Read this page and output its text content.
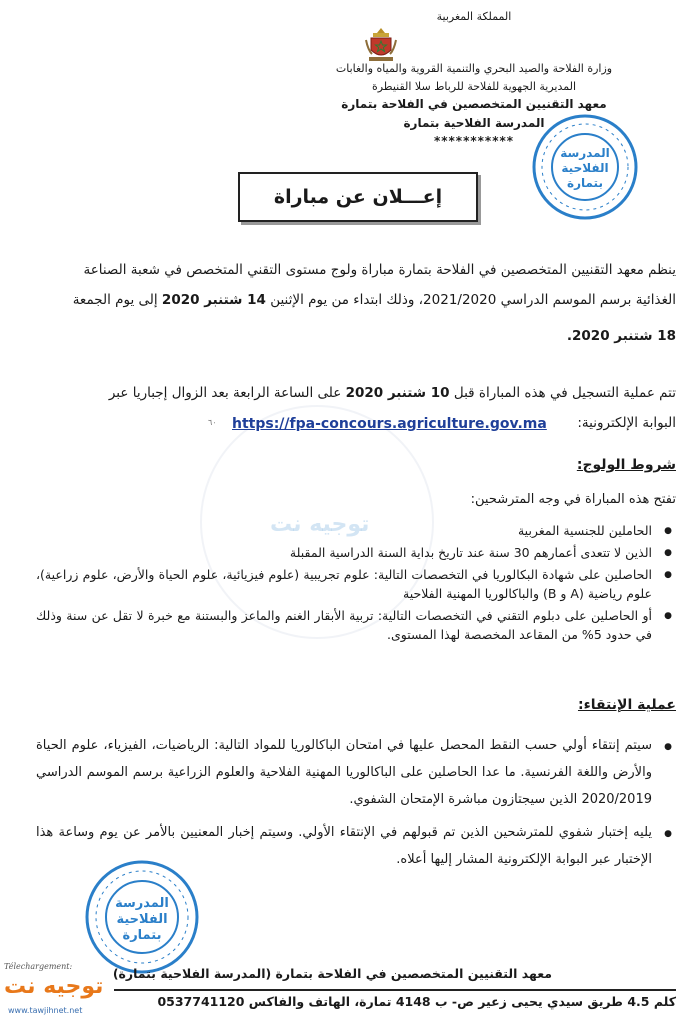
المملكة المغربية
وزارة الفلاحة والصيد البحري والتنمية القروية والمياه والغابات
المديرية الجهوية للفلاحة للرباط سلا القنيطرة
معهد التقنيين المتخصصين في الفلاحة بتمارة
المدرسة الفلاحية بتمارة
***********
المدرسة
الفلاحية
بتمارة
إعـــلان عن مباراة
توجيه نت
ينظم معهد التقنيين المتخصصين في الفلاحة بتمارة مباراة ولوج مستوى التقني المتخصص في شعبة الصناعة
الغذائية برسم الموسم الدراسي 2021/2020، وذلك ابتداء من يوم الإثنين 14 شتنبر 2020 إلى يوم الجمعة
18 شتنبر 2020.
تتم عملية التسجيل في هذه المباراة قبل 10 شتنبر 2020 على الساعة الرابعة بعد الزوال إجباريا عبر
البوابة الإلكترونية:
https://fpa-concours.agriculture.gov.ma
٦٠
شروط الولوج:
تفتح هذه المباراة في وجه المترشحين:
● الحاملين للجنسية المغربية
● الذين لا تتعدى أعمارهم 30 سنة عند تاريخ بداية السنة الدراسية المقبلة
● الحاصلين على شهادة البكالوريا في التخصصات التالية: علوم تجريبية (علوم فيزيائية، علوم الحياة والأرض، علوم زراعية)، علوم رياضية (A و B) والباكالوريا المهنية الفلاحية
● أو الحاصلين على دبلوم التقني في التخصصات التالية: تربية الأبقار الغنم والماعز والبستنة مع خبرة لا تقل عن سنة وذلك في حدود 5% من المقاعد المخصصة لهذا المستوى.
عملية الإنتقاء:
● سيتم إنتقاء أولي حسب النقط المحصل عليها في امتحان الباكالوريا للمواد التالية: الرياضيات، الفيزياء، علوم الحياة والأرض واللغة الفرنسية. ما عدا الحاصلين على الباكالوريا المهنية الفلاحية والعلوم الزراعية برسم الموسم الدراسي 2020/2019 الذين سيجتازون مباشرة الإمتحان الشفوي.
● يليه إختبار شفوي للمترشحين الذين تم قبولهم في الإنتقاء الأولي. وسيتم إخبار المعنيين بالأمر عن يوم وساعة هذا الإختبار عبر البوابة الإلكترونية المشار إليها أعلاه.
المدرسة
الفلاحية
بتمارة
معهد التقنيين المتخصصين في الفلاحة بتمارة (المدرسة الفلاحية بتمارة)
كلم 4.5 طريق سيدي يحيى زعير ص- ب 4148 تمارة، الهاتف والفاكس 0537741120
Télechargement:
توجيه نت
www.tawjihnet.net
